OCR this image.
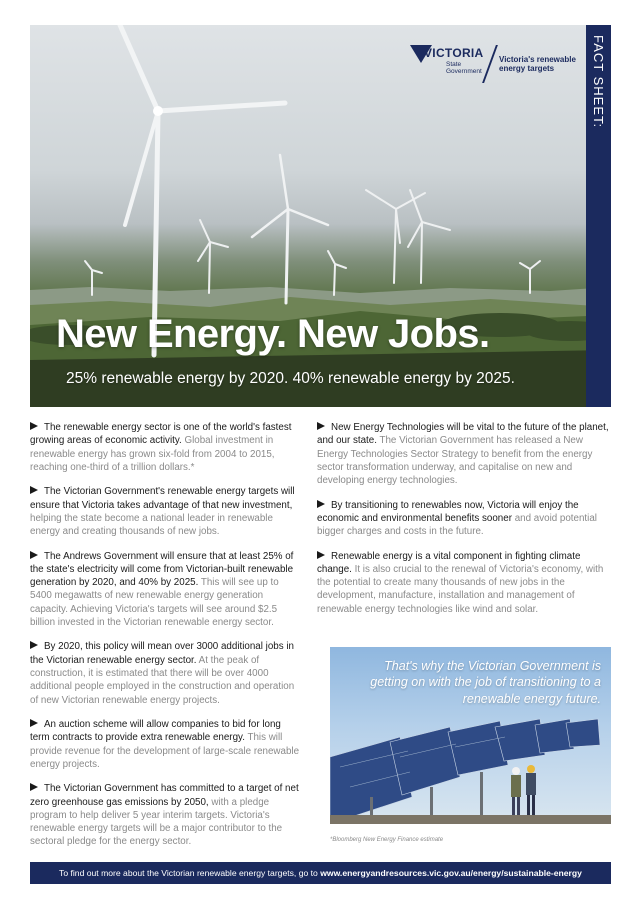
FACT SHEET:
VICTORIA
State
Government
Victoria's renewable energy targets
New Energy. New Jobs.
25% renewable energy by 2020. 40% renewable energy by 2025.

The renewable energy sector is one of the world's fastest growing areas of economic activity. Global investment in renewable energy has grown six-fold from 2004 to 2015, reaching one-third of a trillion dollars.*

The Victorian Government's renewable energy targets will ensure that Victoria takes advantage of that new investment, helping the state become a national leader in renewable energy and creating thousands of new jobs.

The Andrews Government will ensure that at least 25% of the state's electricity will come from Victorian-built renewable generation by 2020, and 40% by 2025. This will see up to 5400 megawatts of new renewable energy generation capacity. Achieving Victoria's targets will see around $2.5 billion invested in the Victorian renewable energy sector.

By 2020, this policy will mean over 3000 additional jobs in the Victorian renewable energy sector. At the peak of construction, it is estimated that there will be over 4000 additional people employed in the construction and operation of new Victorian renewable energy projects.

An auction scheme will allow companies to bid for long term contracts to provide extra renewable energy. This will provide revenue for the development of large-scale renewable energy projects.

The Victorian Government has committed to a target of net zero greenhouse gas emissions by 2050, with a pledge program to help deliver 5 year interim targets. Victoria's renewable energy targets will be a major contributor to the sectoral pledge for the energy sector.

New Energy Technologies will be vital to the future of the planet, and our state. The Victorian Government has released a New Energy Technologies Sector Strategy to benefit from the energy sector transformation underway, and capitalise on new and developing energy technologies.

By transitioning to renewables now, Victoria will enjoy the economic and environmental benefits sooner and avoid potential bigger charges and costs in the future.

Renewable energy is a vital component in fighting climate change. It is also crucial to the renewal of Victoria's economy, with the potential to create many thousands of new jobs in the development, manufacture, installation and management of renewable energy technologies like wind and solar.

That's why the Victorian Government is getting on with the job of transitioning to a renewable energy future.
*Bloomberg New Energy Finance estimate
To find out more about the Victorian renewable energy targets, go to www.energyandresources.vic.gov.au/energy/sustainable-energy
